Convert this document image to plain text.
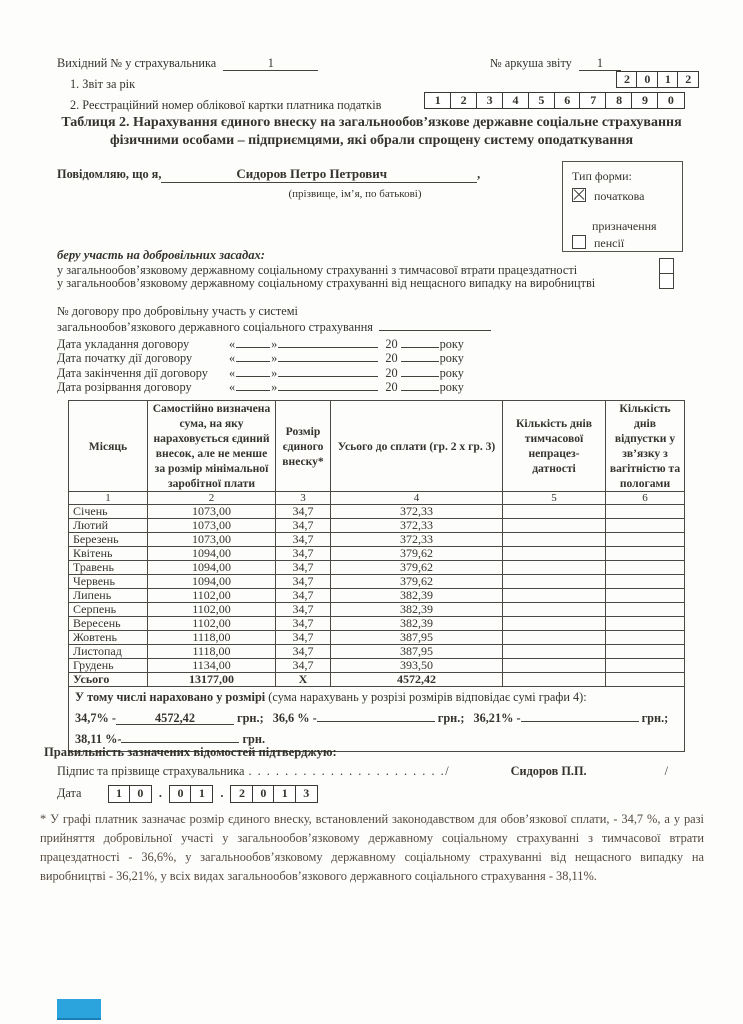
Вихідний № у страхувальника	1	№ аркуша звіту 1
1. Звіт за рік	2	0	1	2
2. Реєстраційний номер облікової картки платника податків	1	2	3	4	5	6	7	8	9	0
Таблиця 2. Нарахування єдиного внеску на загальнообов’язкове державне соціальне страхування фізичними особами – підприємцями, які обрали спрощену систему оподаткування
Повідомляю, що я,	Сидоров Петро Петрович	,
(прізвище, ім’я, по батькові)
Тип форми:
початкова
призначення
пенсії
беру участь на добровільних засадах:
у загальнообов’язковому державному соціальному страхуванні з тимчасової втрати працездатності
у загальнообов’язковому державному соціальному страхуванні від нещасного випадку на виробництві
№ договору про добровільну участь у системі
загальнообов’язкового державного соціального страхування
Дата укладання договору	«	»	20	року
Дата початку дії договору	«	»	20	року
Дата закінчення дії договору	«	»	20	року
Дата розірвання договору	«	»	20	року
Місяць	Самостійно визначена сума, на яку нараховується єдиний внесок, але не менше за розмір мінімальної заробітної плати	Розмір єдиного внеску*	Усього до сплати (гр. 2 х гр. 3)	Кількість днів тимчасової непрацез- датності	Кількість днів відпустки у зв’язку з вагітністю та пологами
1	2	3	4	5	6
Січень	1073,00	34,7	372,33		
Лютий	1073,00	34,7	372,33		
Березень	1073,00	34,7	372,33		
Квітень	1094,00	34,7	379,62		
Травень	1094,00	34,7	379,62		
Червень	1094,00	34,7	379,62		
Липень	1102,00	34,7	382,39		
Серпень	1102,00	34,7	382,39		
Вересень	1102,00	34,7	382,39		
Жовтень	1118,00	34,7	387,95		
Листопад	1118,00	34,7	387,95		
Грудень	1134,00	34,7	393,50		
Усього	13177,00	X	4572,42		

У тому числі нараховано у розмірі (сума нарахувань у розрізі розмірів відповідає сумі графи 4):
34,7% - 4572,42 грн.; 36,6 % - грн.; 36,21% - грн.;
38,11 %- грн.					
Правильність зазначених відомостей підтверджую:
Підпис та прізвище страхувальника . . . . . . . . . . . . . . . . . . . . . . /	Сидоров П.П.	/
Дата	1	0	.	0	1	.	2	0	1	3
* У графі платник зазначає розмір єдиного внеску, встановлений законодавством для обов’язкової сплати, - 34,7 %, а у разі прийняття добровільної участі у загальнообов’язковому державному соціальному страхуванні з тимчасової втрати працездатності - 36,6%, у загальнообов’язковому державному соціальному страхуванні від нещасного випадку на виробництві - 36,21%, у всіх видах загальнообов’язкового державного соціального страхування - 38,11%.
